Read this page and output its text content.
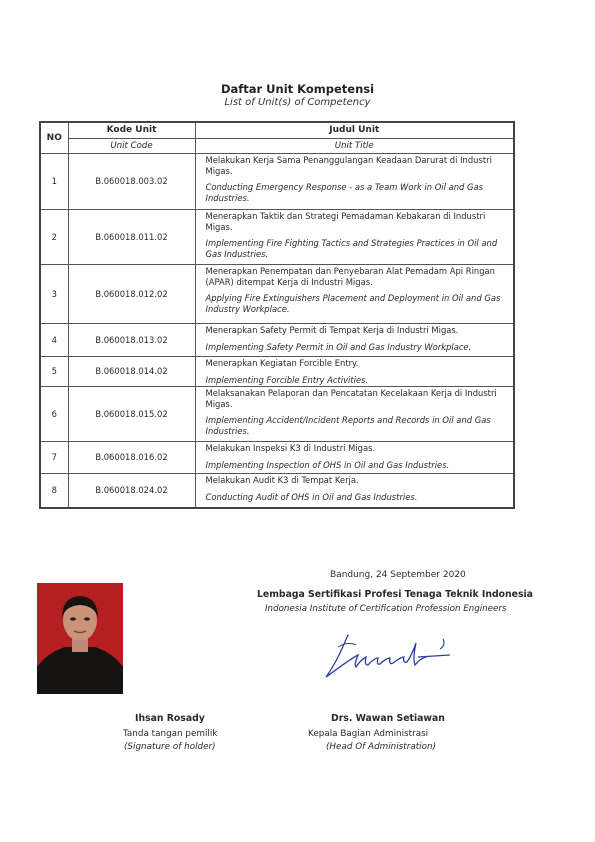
Daftar Unit Kompetensi
List of Unit(s) of Competency
NO	Kode Unit	Judul Unit
	Unit Code	Unit Title
1	B.060018.003.02	Melakukan Kerja Sama Penanggulangan Keadaan Darurat di Industri Migas.
Conducting Emergency Response - as a Team Work in Oil and Gas Industries.

2	B.060018.011.02	Menerapkan Taktik dan Strategi Pemadaman Kebakaran di Industri Migas.
Implementing Fire Fighting Tactics and Strategies Practices in Oil and Gas Industries.

3	B.060018.012.02	Menerapkan Penempatan dan Penyebaran Alat Pemadam Api Ringan (APAR) ditempat Kerja di Industri Migas.
Applying Fire Extinguishers Placement and Deployment in Oil and Gas Industry Workplace.

4	B.060018.013.02	Menerapkan Safety Permit di Tempat Kerja di Industri Migas.
Implementing Safety Permit in Oil and Gas Industry Workplace.

5	B.060018.014.02	Menerapkan Kegiatan Forcible Entry.
Implementing Forcible Entry Activities.

6	B.060018.015.02	Melaksanakan Pelaporan dan Pencatatan Kecelakaan Kerja di Industri Migas.
Implementing Accident/Incident Reports and Records in Oil and Gas Industries.

7	B.060018.016.02	Melakukan Inspeksi K3 di Industri Migas.
Implementing Inspection of OHS in Oil and Gas Industries.

8	B.060018.024.02	Melakukan Audit K3 di Tempat Kerja.
Conducting Audit of OHS in Oil and Gas Industries.
Bandung, 24 September 2020
Lembaga Sertifikasi Profesi Tenaga Teknik Indonesia
Indonesia Institute of Certification Profession Engineers
Ihsan Rosady
Tanda tangan pemilik
(Signature of holder)
Drs. Wawan Setiawan
Kepala Bagian Administrasi
(Head Of Administration)
